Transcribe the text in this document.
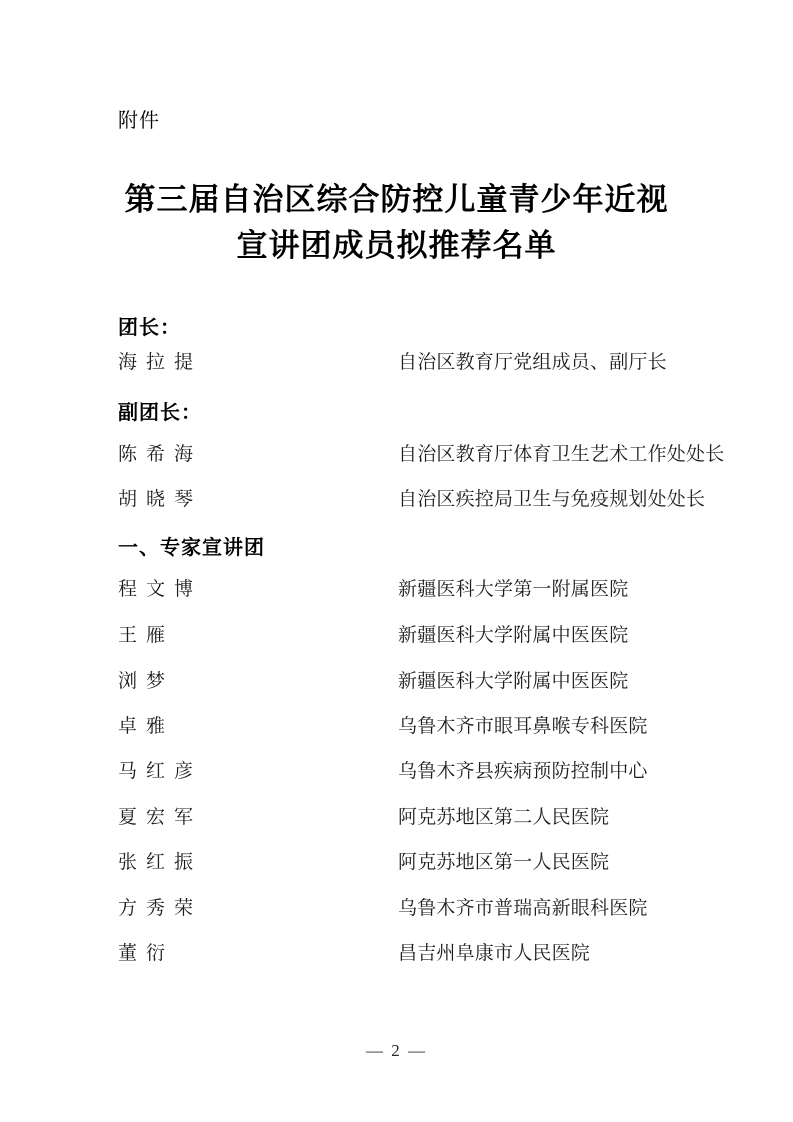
附件
第三届自治区综合防控儿童青少年近视
宣讲团成员拟推荐名单
团长：
海拉提	自治区教育厅党组成员、副厅长
副团长：
陈希海	自治区教育厅体育卫生艺术工作处处长
胡晓琴	自治区疾控局卫生与免疫规划处处长
一、专家宣讲团
程文博	新疆医科大学第一附属医院
王雁	新疆医科大学附属中医医院
浏梦	新疆医科大学附属中医医院
卓雅	乌鲁木齐市眼耳鼻喉专科医院
马红彦	乌鲁木齐县疾病预防控制中心
夏宏军	阿克苏地区第二人民医院
张红振	阿克苏地区第一人民医院
方秀荣	乌鲁木齐市普瑞高新眼科医院
董衍	昌吉州阜康市人民医院
— 2 —
